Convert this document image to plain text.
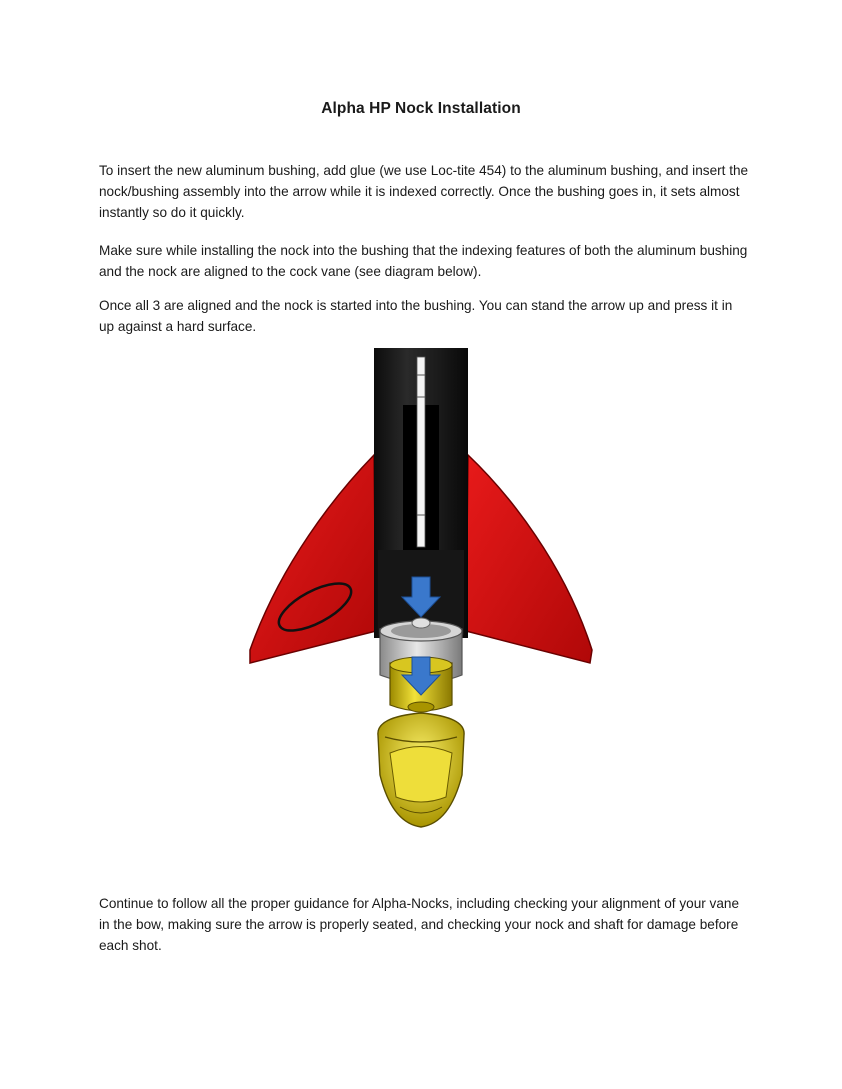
Alpha HP Nock Installation

To insert the new aluminum bushing, add glue (we use Loc-tite 454) to the aluminum bushing, and insert the nock/bushing assembly into the arrow while it is indexed correctly. Once the bushing goes in, it sets almost instantly so do it quickly.

Make sure while installing the nock into the bushing that the indexing features of both the aluminum bushing and the nock are aligned to the cock vane (see diagram below).

Once all 3 are aligned and the nock is started into the bushing. You can stand the arrow up and press it in up against a hard surface.

Continue to follow all the proper guidance for Alpha-Nocks, including checking your alignment of your vane in the bow, making sure the arrow is properly seated, and checking your nock and shaft for damage before each shot.
